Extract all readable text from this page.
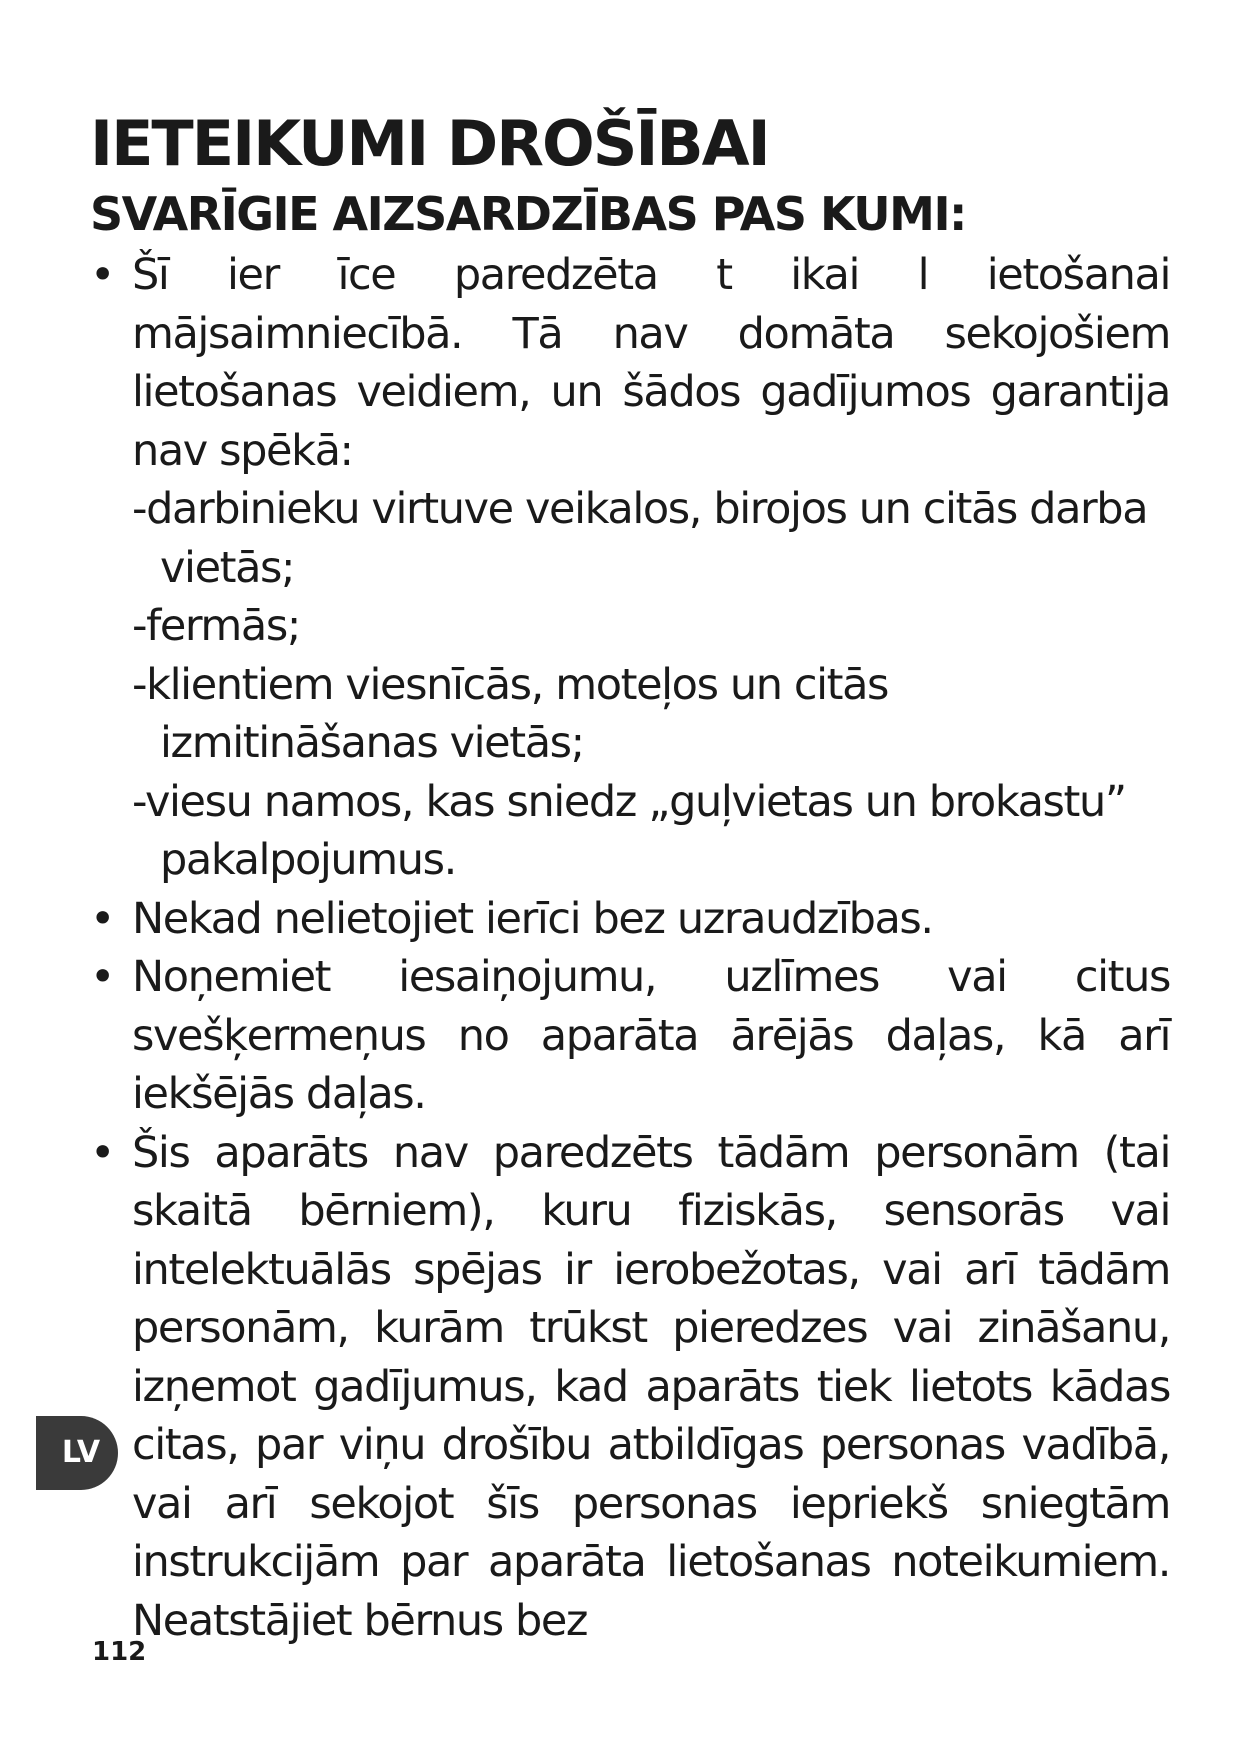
IETEIKUMI DROŠĪBAI
SVARĪGIE AIZSARDZĪBAS PAS KUMI:
• Šī ier īce paredzēta t ikai l ietošanai mājsaimniecībā. Tā nav domāta sekojošiem lietošanas veidiem, un šādos gadījumos garantija nav spēkā:
-darbinieku virtuve veikalos, birojos un citās darba vietās;
-fermās;
-klientiem viesnīcās, moteļos un citās izmitināšanas vietās;
-viesu namos, kas sniedz „guļvietas un brokastu” pakalpojumus.
• Nekad nelietojiet ierīci bez uzraudzības.
• Noņemiet iesaiņojumu, uzlīmes vai citus svešķermeņus no aparāta ārējās daļas, kā arī iekšējās daļas.
• Šis aparāts nav paredzēts tādām personām (tai skaitā bērniem), kuru fiziskās, sensorās vai intelektuālās spējas ir ierobežotas, vai arī tādām personām, kurām trūkst pieredzes vai zināšanu, izņemot gadījumus, kad aparāts tiek lietots kādas citas, par viņu drošību atbildīgas personas vadībā, vai arī sekojot šīs personas iepriekš sniegtām instrukcijām par aparāta lietošanas noteikumiem. Neatstājiet bērnus bez
LV
112
